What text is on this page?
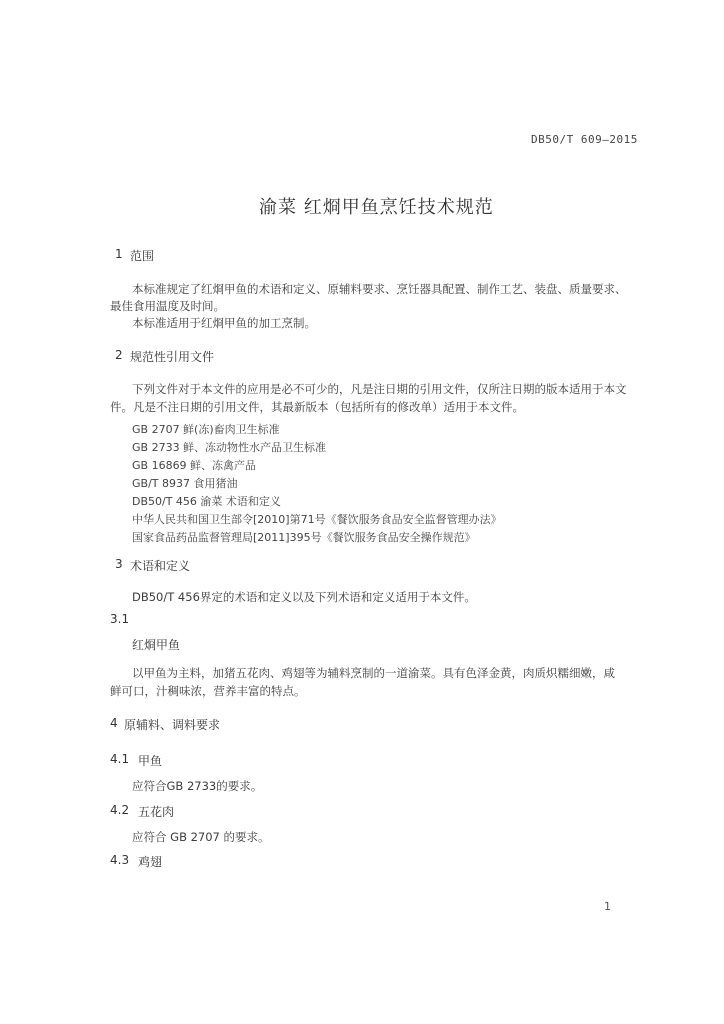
DB50/T 609—2015
渝菜 红烱甲鱼烹饪技术规范
1 范围
本标准规定了红烱甲鱼的术语和定义、原辅料要求、烹饪器具配置、制作工艺、装盘、质量要求、
最佳食用温度及时间。
本标准适用于红烱甲鱼的加工烹制。
2 规范性引用文件
下列文件对于本文件的应用是必不可少的，凡是注日期的引用文件，仅所注日期的版本适用于本文
件。凡是不注日期的引用文件，其最新版本（包括所有的修改单）适用于本文件。
GB 2707 鲜(冻)畜肉卫生标准
GB 2733 鲜、冻动物性水产品卫生标准
GB 16869 鲜、冻禽产品
GB/T 8937 食用猪油
DB50/T 456 渝菜 术语和定义
中华人民共和国卫生部令[2010]第71号《餐饮服务食品安全监督管理办法》
国家食品药品监督管理局[2011]395号《餐饮服务食品安全操作规范》
3 术语和定义
DB50/T 456界定的术语和定义以及下列术语和定义适用于本文件。
3.1
红烱甲鱼
以甲鱼为主料，加猪五花肉、鸡翅等为辅料烹制的一道渝菜。具有色泽金黄，肉质炽糯细嫩，咸
鲜可口，汁稠味浓，营养丰富的特点。
4 原辅料、调料要求
4.1 甲鱼
应符合GB 2733的要求。
4.2 五花肉
应符合 GB 2707 的要求。
4.3 鸡翅
1
